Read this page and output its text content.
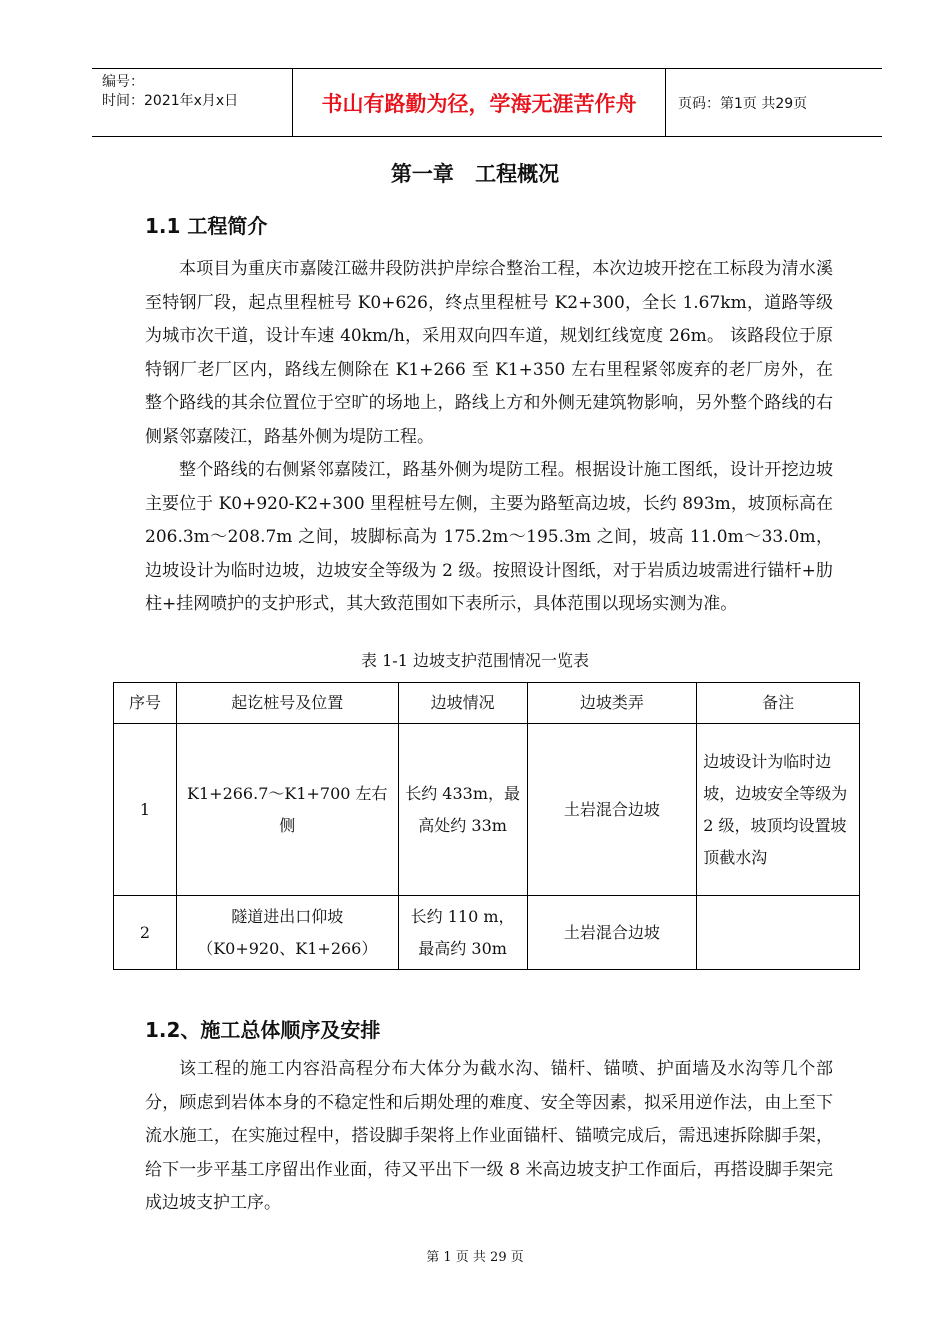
编号：
时间：2021年x月x日	书山有路勤为径，学海无涯苦作舟	页码：第1页 共29页
第一章 工程概况
1.1 工程简介

本项目为重庆市嘉陵江磁井段防洪护岸综合整治工程，本次边坡开挖在工标段为清水溪至特钢厂段，起点里程桩号 K0+626，终点里程桩号 K2+300，全长 1.67km，道路等级为城市次干道，设计车速 40km/h，采用双向四车道，规划红线宽度 26m。 该路段位于原特钢厂老厂区内，路线左侧除在 K1+266 至 K1+350 左右里程紧邻废弃的老厂房外，在整个路线的其余位置位于空旷的场地上，路线上方和外侧无建筑物影响，另外整个路线的右侧紧邻嘉陵江，路基外侧为堤防工程。

整个路线的右侧紧邻嘉陵江，路基外侧为堤防工程。根据设计施工图纸，设计开挖边坡主要位于 K0+920-K2+300 里程桩号左侧，主要为路堑高边坡，长约 893m，坡顶标高在 206.3m～208.7m 之间，坡脚标高为 175.2m～195.3m 之间，坡高 11.0m～33.0m，边坡设计为临时边坡，边坡安全等级为 2 级。按照设计图纸，对于岩质边坡需进行锚杆+肋柱+挂网喷护的支护形式，其大致范围如下表所示，具体范围以现场实测为准。

表 1-1 边坡支护范围情况一览表
序号	起讫桩号及位置	边坡情况	边坡类弄	备注
1	K1+266.7～K1+700 左右侧	长约 433m，最高处约 33m	土岩混合边坡	边坡设计为临时边坡，边坡安全等级为 2 级，坡顶均设置坡顶截水沟
2	隧道进出口仰坡（K0+920、K1+266）	长约 110 m，最高约 30m	土岩混合边坡	
1.2、施工总体顺序及安排

该工程的施工内容沿高程分布大体分为截水沟、锚杆、锚喷、护面墙及水沟等几个部分，顾虑到岩体本身的不稳定性和后期处理的难度、安全等因素，拟采用逆作法，由上至下流水施工，在实施过程中，搭设脚手架将上作业面锚杆、锚喷完成后，需迅速拆除脚手架，给下一步平基工序留出作业面，待又平出下一级 8 米高边坡支护工作面后，再搭设脚手架完成边坡支护工序。

第 1 页 共 29 页
